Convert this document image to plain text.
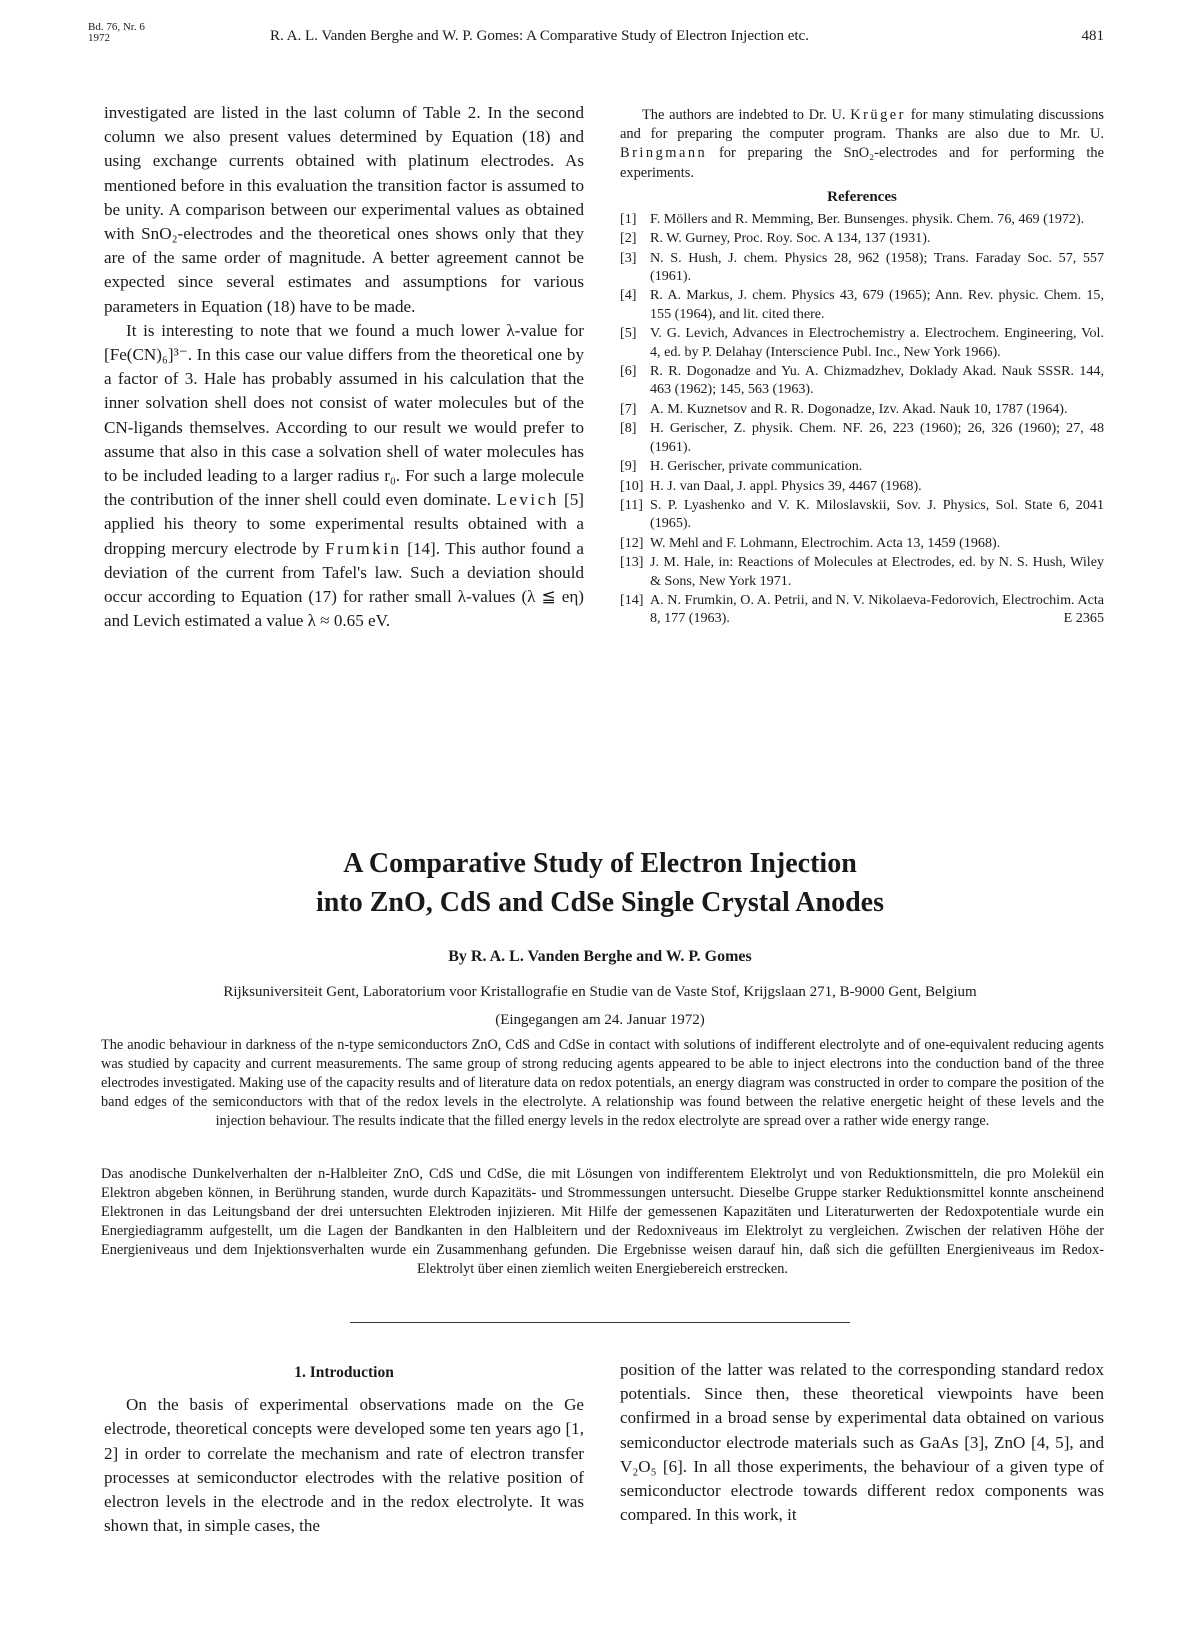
Bd. 76, Nr. 6
1972	R. A. L. Vanden Berghe and W. P. Gomes: A Comparative Study of Electron Injection etc.	481

investigated are listed in the last column of Table 2. In the second column we also present values determined by Equation (18) and using exchange currents obtained with platinum electrodes. As mentioned before in this evaluation the transition factor is assumed to be unity. A comparison between our experimental values as obtained with SnO₂-electrodes and the theoretical ones shows only that they are of the same order of magnitude. A better agreement cannot be expected since several estimates and assumptions for various parameters in Equation (18) have to be made.

It is interesting to note that we found a much lower λ-value for [Fe(CN)₆]³⁻. In this case our value differs from the theoretical one by a factor of 3. Hale has probably assumed in his calculation that the inner solvation shell does not consist of water molecules but of the CN-ligands themselves. According to our result we would prefer to assume that also in this case a solvation shell of water molecules has to be included leading to a larger radius r₀. For such a large molecule the contribution of the inner shell could even dominate. Levich [5] applied his theory to some experimental results obtained with a dropping mercury electrode by Frumkin [14]. This author found a deviation of the current from Tafel's law. Such a deviation should occur according to Equation (17) for rather small λ-values (λ ≦ eη) and Levich estimated a value λ ≈ 0.65 eV.

The authors are indebted to Dr. U. Krüger for many stimulating discussions and for preparing the computer program. Thanks are also due to Mr. U. Bringmann for preparing the SnO₂-electrodes and for performing the experiments.

References
[1] F. Möllers and R. Memming, Ber. Bunsenges. physik. Chem. 76, 469 (1972).
[2] R. W. Gurney, Proc. Roy. Soc. A 134, 137 (1931).
[3] N. S. Hush, J. chem. Physics 28, 962 (1958); Trans. Faraday Soc. 57, 557 (1961).
[4] R. A. Markus, J. chem. Physics 43, 679 (1965); Ann. Rev. physic. Chem. 15, 155 (1964), and lit. cited there.
[5] V. G. Levich, Advances in Electrochemistry a. Electrochem. Engineering, Vol. 4, ed. by P. Delahay (Interscience Publ. Inc., New York 1966).
[6] R. R. Dogonadze and Yu. A. Chizmadzhev, Doklady Akad. Nauk SSSR. 144, 463 (1962); 145, 563 (1963).
[7] A. M. Kuznetsov and R. R. Dogonadze, Izv. Akad. Nauk 10, 1787 (1964).
[8] H. Gerischer, Z. physik. Chem. NF. 26, 223 (1960); 26, 326 (1960); 27, 48 (1961).
[9] H. Gerischer, private communication.
[10] H. J. van Daal, J. appl. Physics 39, 4467 (1968).
[11] S. P. Lyashenko and V. K. Miloslavskii, Sov. J. Physics, Sol. State 6, 2041 (1965).
[12] W. Mehl and F. Lohmann, Electrochim. Acta 13, 1459 (1968).
[13] J. M. Hale, in: Reactions of Molecules at Electrodes, ed. by N. S. Hush, Wiley & Sons, New York 1971.
[14] A. N. Frumkin, O. A. Petrii, and N. V. Nikolaeva-Fedorovich, Electrochim. Acta 8, 177 (1963).	E 2365
A Comparative Study of Electron Injection
into ZnO, CdS and CdSe Single Crystal Anodes
By R. A. L. Vanden Berghe and W. P. Gomes
Rijksuniversiteit Gent, Laboratorium voor Kristallografie en Studie van de Vaste Stof, Krijgslaan 271, B-9000 Gent, Belgium
(Eingegangen am 24. Januar 1972)
The anodic behaviour in darkness of the n-type semiconductors ZnO, CdS and CdSe in contact with solutions of indifferent electrolyte and of one-equivalent reducing agents was studied by capacity and current measurements. The same group of strong reducing agents appeared to be able to inject electrons into the conduction band of the three electrodes investigated. Making use of the capacity results and of literature data on redox potentials, an energy diagram was constructed in order to compare the position of the band edges of the semiconductors with that of the redox levels in the electrolyte. A relationship was found between the relative energetic height of these levels and the injection behaviour. The results indicate that the filled energy levels in the redox electrolyte are spread over a rather wide energy range.
Das anodische Dunkelverhalten der n-Halbleiter ZnO, CdS und CdSe, die mit Lösungen von indifferentem Elektrolyt und von Reduktionsmitteln, die pro Molekül ein Elektron abgeben können, in Berührung standen, wurde durch Kapazitäts- und Strommessungen untersucht. Dieselbe Gruppe starker Reduktionsmittel konnte anscheinend Elektronen in das Leitungsband der drei untersuchten Elektroden injizieren. Mit Hilfe der gemessenen Kapazitäten und Literaturwerten der Redoxpotentiale wurde ein Energiediagramm aufgestellt, um die Lagen der Bandkanten in den Halbleitern und der Redoxniveaus im Elektrolyt zu vergleichen. Zwischen der relativen Höhe der Energieniveaus und dem Injektionsverhalten wurde ein Zusammenhang gefunden. Die Ergebnisse weisen darauf hin, daß sich die gefüllten Energieniveaus im Redox-Elektrolyt über einen ziemlich weiten Energiebereich erstrecken.
1. Introduction

On the basis of experimental observations made on the Ge electrode, theoretical concepts were developed some ten years ago [1, 2] in order to correlate the mechanism and rate of electron transfer processes at semiconductor electrodes with the relative position of electron levels in the electrode and in the redox electrolyte. It was shown that, in simple cases, the

position of the latter was related to the corresponding standard redox potentials. Since then, these theoretical viewpoints have been confirmed in a broad sense by experimental data obtained on various semiconductor electrode materials such as GaAs [3], ZnO [4, 5], and V₂O₅ [6]. In all those experiments, the behaviour of a given type of semiconductor electrode towards different redox components was compared. In this work, it
